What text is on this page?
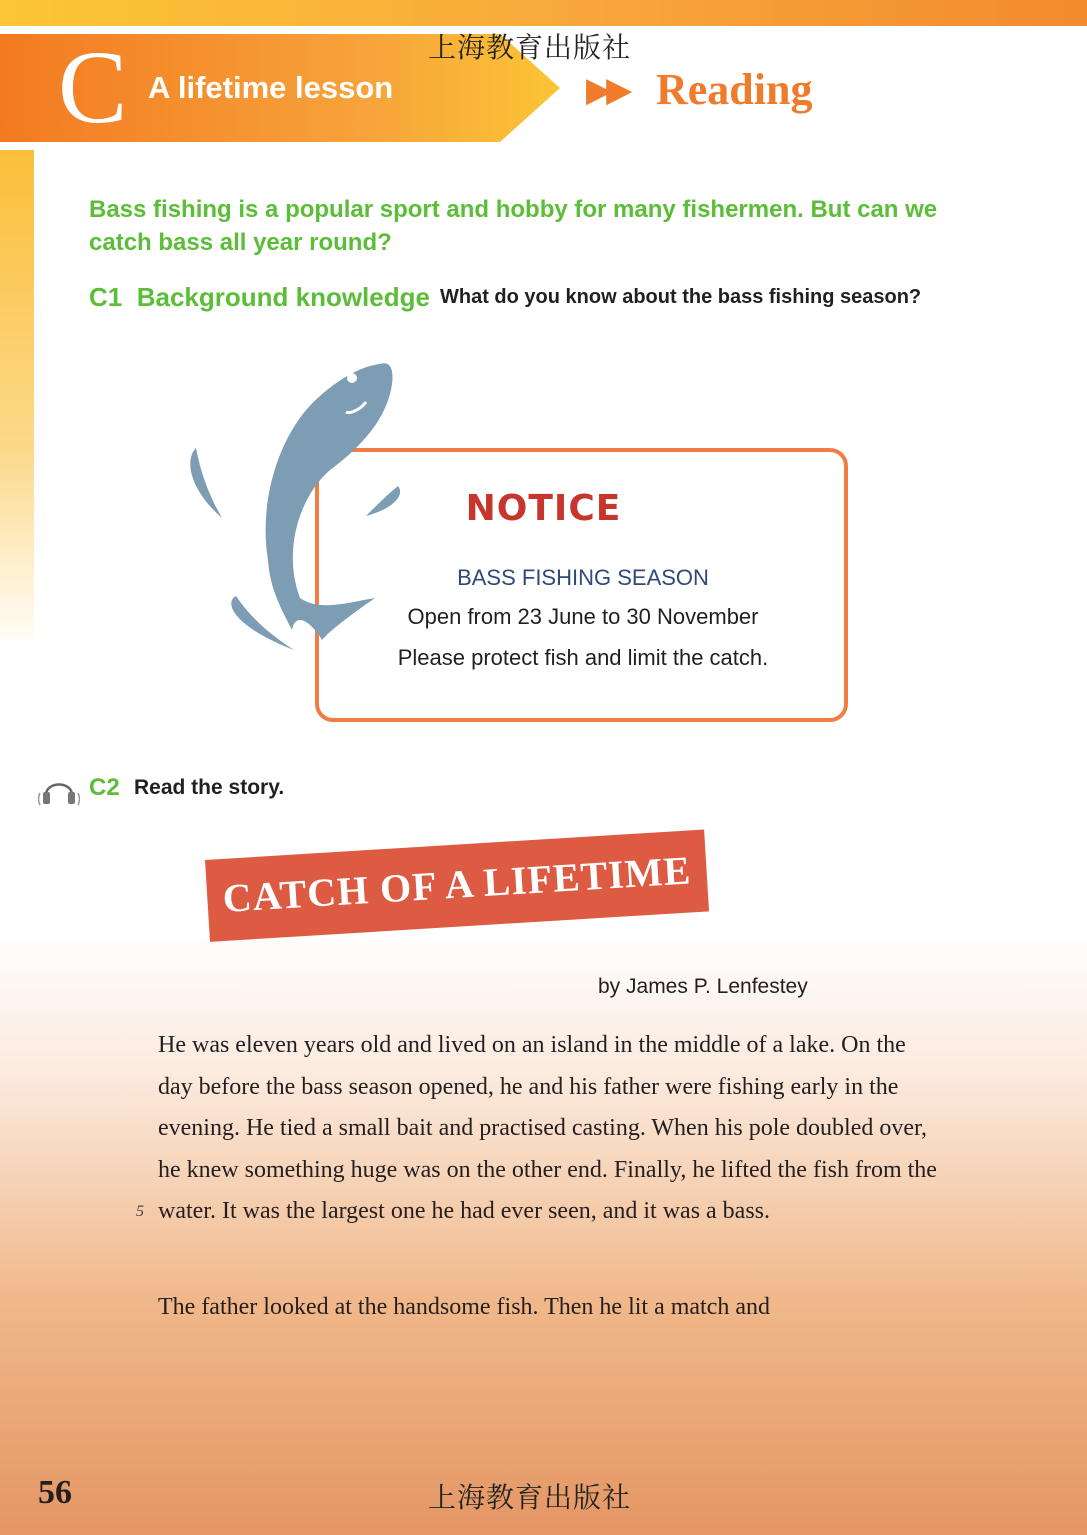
C A lifetime lesson
上海教育出版社
▶▶ Reading
Bass fishing is a popular sport and hobby for many fishermen. But can we catch bass all year round?
C1 Background knowledge What do you know about the bass fishing season?
NOTICE
BASS FISHING SEASON
Open from 23 June to 30 November
Please protect fish and limit the catch.
C2 Read the story.
CATCH OF A LIFETIME
by James P. Lenfestey
He was eleven years old and lived on an island in the middle of a lake. On the day before the bass season opened, he and his father were fishing early in the evening. He tied a small bait and practised casting. When his pole doubled over, he knew something huge was on the other end. Finally, he lifted the fish from the water. It was the largest one he had ever seen, and it was a bass.
5
The father looked at the handsome fish. Then he lit a match and
56	上海教育出版社
